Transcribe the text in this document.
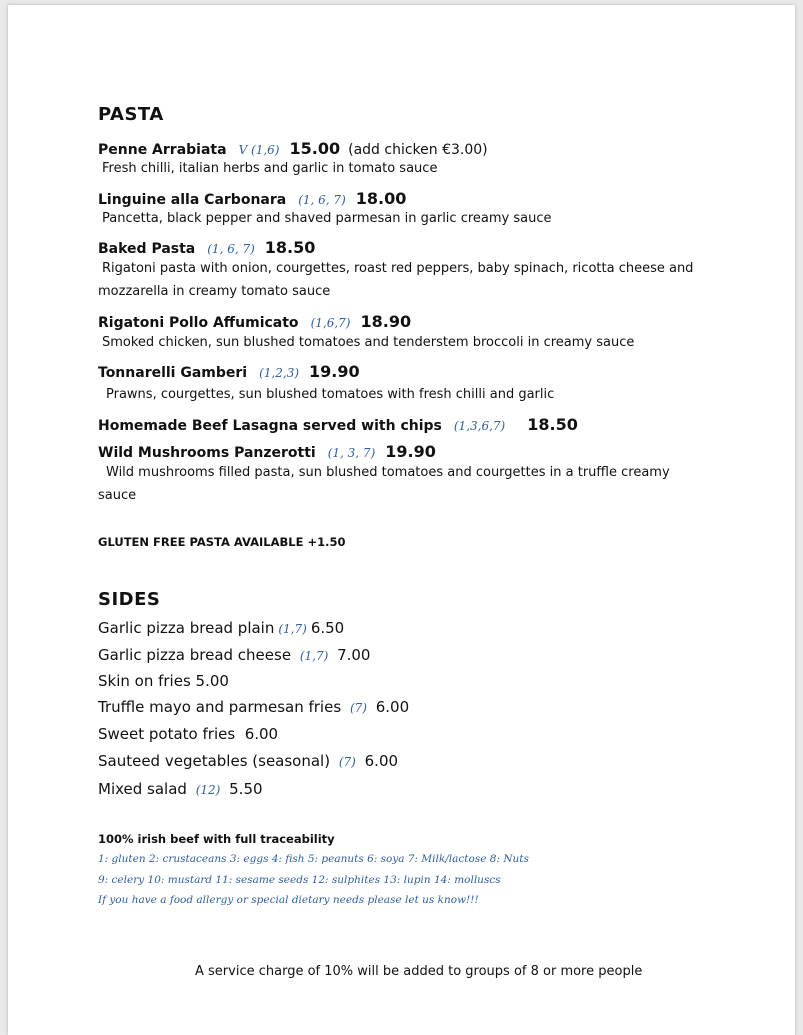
PASTA
Penne Arrabiata V (1,6) 15.00 (add chicken €3.00)
Fresh chilli, italian herbs and garlic in tomato sauce
Linguine alla Carbonara (1, 6, 7) 18.00
Pancetta, black pepper and shaved parmesan in garlic creamy sauce
Baked Pasta (1, 6, 7) 18.50
Rigatoni pasta with onion, courgettes, roast red peppers, baby spinach, ricotta cheese and
mozzarella in creamy tomato sauce
Rigatoni Pollo Affumicato (1,6,7) 18.90
Smoked chicken, sun blushed tomatoes and tenderstem broccoli in creamy sauce
Tonnarelli Gamberi (1,2,3) 19.90
Prawns, courgettes, sun blushed tomatoes with fresh chilli and garlic
Homemade Beef Lasagna served with chips (1,3,6,7) 18.50
Wild Mushrooms Panzerotti (1, 3, 7) 19.90
Wild mushrooms filled pasta, sun blushed tomatoes and courgettes in a truffle creamy
sauce
GLUTEN FREE PASTA AVAILABLE +1.50
SIDES
Garlic pizza bread plain (1,7) 6.50
Garlic pizza bread cheese (1,7) 7.00
Skin on fries 5.00
Truffle mayo and parmesan fries (7) 6.00
Sweet potato fries 6.00
Sauteed vegetables (seasonal) (7) 6.00
Mixed salad (12) 5.50
100% irish beef with full traceability
1: gluten 2: crustaceans 3: eggs 4: fish 5: peanuts 6: soya 7: Milk/lactose 8: Nuts
9: celery 10: mustard 11: sesame seeds 12: sulphites 13: lupin 14: molluscs
If you have a food allergy or special dietary needs please let us know!!!
A service charge of 10% will be added to groups of 8 or more people
